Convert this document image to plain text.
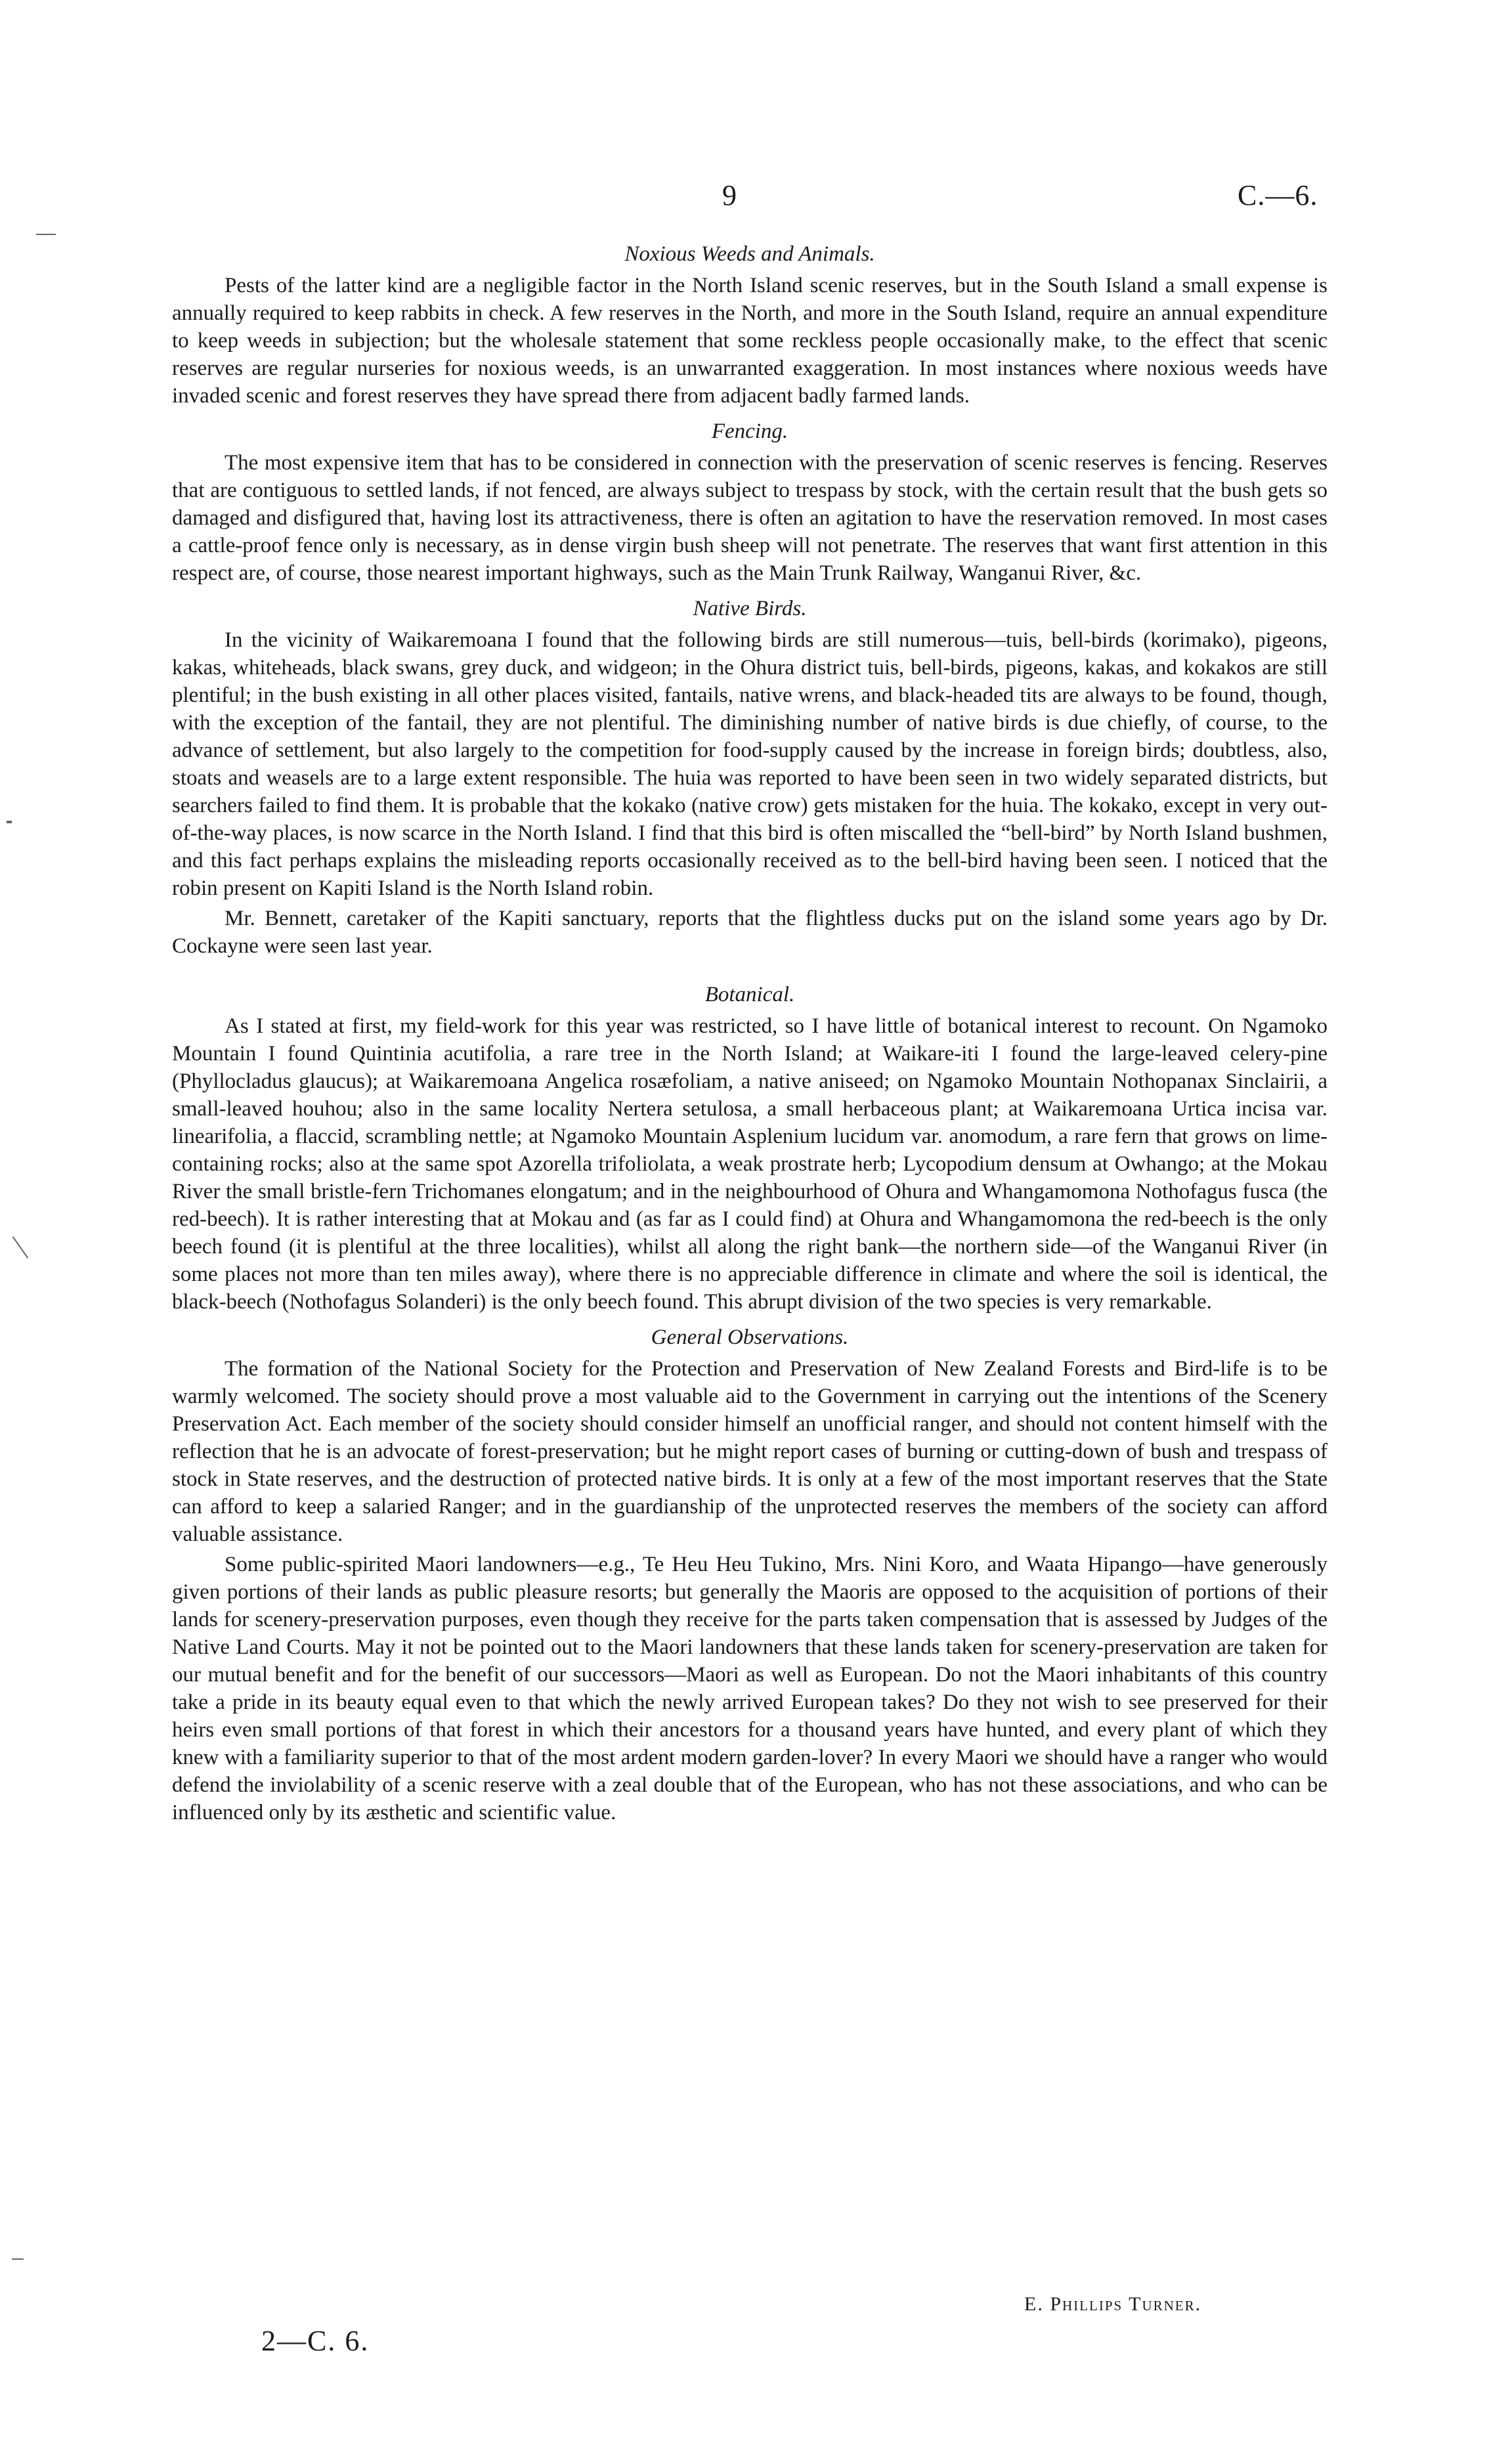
9	C.—6.
Noxious Weeds and Animals.

Pests of the latter kind are a negligible factor in the North Island scenic reserves, but in the South Island a small expense is annually required to keep rabbits in check. A few reserves in the North, and more in the South Island, require an annual expenditure to keep weeds in subjection; but the wholesale statement that some reckless people occasionally make, to the effect that scenic reserves are regular nurseries for noxious weeds, is an unwarranted exaggeration. In most instances where noxious weeds have invaded scenic and forest reserves they have spread there from adjacent badly farmed lands.

Fencing.

The most expensive item that has to be considered in connection with the preservation of scenic reserves is fencing. Reserves that are contiguous to settled lands, if not fenced, are always subject to trespass by stock, with the certain result that the bush gets so damaged and disfigured that, having lost its attractiveness, there is often an agitation to have the reservation removed. In most cases a cattle-proof fence only is necessary, as in dense virgin bush sheep will not penetrate. The reserves that want first attention in this respect are, of course, those nearest important highways, such as the Main Trunk Railway, Wanganui River, &c.

Native Birds.

In the vicinity of Waikaremoana I found that the following birds are still numerous—tuis, bell-birds (korimako), pigeons, kakas, whiteheads, black swans, grey duck, and widgeon; in the Ohura district tuis, bell-birds, pigeons, kakas, and kokakos are still plentiful; in the bush existing in all other places visited, fantails, native wrens, and black-headed tits are always to be found, though, with the exception of the fantail, they are not plentiful. The diminishing number of native birds is due chiefly, of course, to the advance of settlement, but also largely to the competition for food-supply caused by the increase in foreign birds; doubtless, also, stoats and weasels are to a large extent responsible. The huia was reported to have been seen in two widely separated districts, but searchers failed to find them. It is probable that the kokako (native crow) gets mistaken for the huia. The kokako, except in very out-of-the-way places, is now scarce in the North Island. I find that this bird is often miscalled the “bell-bird” by North Island bushmen, and this fact perhaps explains the misleading reports occasionally received as to the bell-bird having been seen. I noticed that the robin present on Kapiti Island is the North Island robin.

Mr. Bennett, caretaker of the Kapiti sanctuary, reports that the flightless ducks put on the island some years ago by Dr. Cockayne were seen last year.

Botanical.

As I stated at first, my field-work for this year was restricted, so I have little of botanical interest to recount. On Ngamoko Mountain I found Quintinia acutifolia, a rare tree in the North Island; at Waikare-iti I found the large-leaved celery-pine (Phyllocladus glaucus); at Waikaremoana Angelica rosæfoliam, a native aniseed; on Ngamoko Mountain Nothopanax Sinclairii, a small-leaved houhou; also in the same locality Nertera setulosa, a small herbaceous plant; at Waikaremoana Urtica incisa var. linearifolia, a flaccid, scrambling nettle; at Ngamoko Mountain Asplenium lucidum var. anomodum, a rare fern that grows on lime-containing rocks; also at the same spot Azorella trifoliolata, a weak prostrate herb; Lycopodium densum at Owhango; at the Mokau River the small bristle-fern Trichomanes elongatum; and in the neighbourhood of Ohura and Whangamomona Nothofagus fusca (the red-beech). It is rather interesting that at Mokau and (as far as I could find) at Ohura and Whangamomona the red-beech is the only beech found (it is plentiful at the three localities), whilst all along the right bank—the northern side—of the Wanganui River (in some places not more than ten miles away), where there is no appreciable difference in climate and where the soil is identical, the black-beech (Nothofagus Solanderi) is the only beech found. This abrupt division of the two species is very remarkable.

General Observations.

The formation of the National Society for the Protection and Preservation of New Zealand Forests and Bird-life is to be warmly welcomed. The society should prove a most valuable aid to the Government in carrying out the intentions of the Scenery Preservation Act. Each member of the society should consider himself an unofficial ranger, and should not content himself with the reflection that he is an advocate of forest-preservation; but he might report cases of burning or cutting-down of bush and trespass of stock in State reserves, and the destruction of protected native birds. It is only at a few of the most important reserves that the State can afford to keep a salaried Ranger; and in the guardianship of the unprotected reserves the members of the society can afford valuable assistance.

Some public-spirited Maori landowners—e.g., Te Heu Heu Tukino, Mrs. Nini Koro, and Waata Hipango—have generously given portions of their lands as public pleasure resorts; but generally the Maoris are opposed to the acquisition of portions of their lands for scenery-preservation purposes, even though they receive for the parts taken compensation that is assessed by Judges of the Native Land Courts. May it not be pointed out to the Maori landowners that these lands taken for scenery-preservation are taken for our mutual benefit and for the benefit of our successors—Maori as well as European. Do not the Maori inhabitants of this country take a pride in its beauty equal even to that which the newly arrived European takes? Do they not wish to see preserved for their heirs even small portions of that forest in which their ancestors for a thousand years have hunted, and every plant of which they knew with a familiarity superior to that of the most ardent modern garden-lover? In every Maori we should have a ranger who would defend the inviolability of a scenic reserve with a zeal double that of the European, who has not these associations, and who can be influenced only by its æsthetic and scientific value.

E. Phillips Turner.
2—C. 6.
